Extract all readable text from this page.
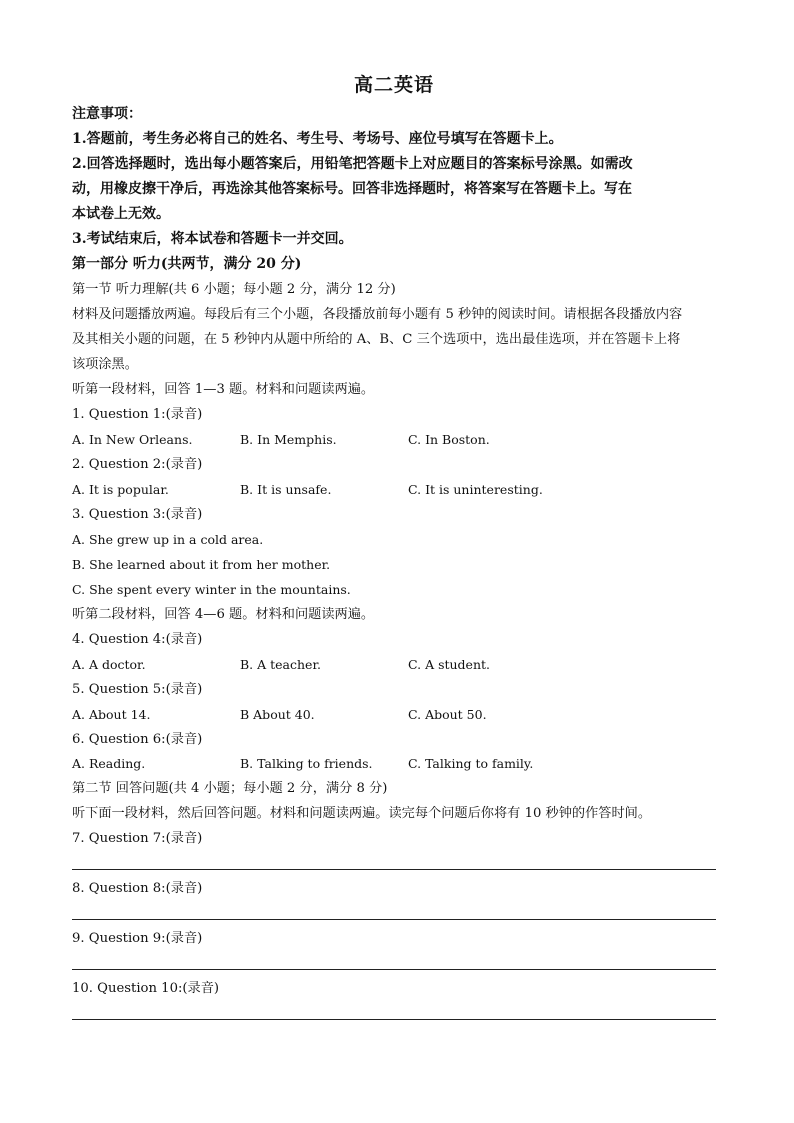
高二英语
注意事项：
1.答题前，考生务必将自己的姓名、考生号、考场号、座位号填写在答题卡上。
2.回答选择题时，选出每小题答案后，用铅笔把答题卡上对应题目的答案标号涂黑。如需改
动，用橡皮擦干净后，再选涂其他答案标号。回答非选择题时，将答案写在答题卡上。写在
本试卷上无效。
3.考试结束后，将本试卷和答题卡一并交回。
第一部分 听力(共两节，满分 20 分)
第一节 听力理解(共 6 小题；每小题 2 分，满分 12 分)
材料及问题播放两遍。每段后有三个小题，各段播放前每小题有 5 秒钟的阅读时间。请根据各段播放内容
及其相关小题的问题，在 5 秒钟内从题中所给的 A、B、C 三个选项中，选出最佳选项，并在答题卡上将
该项涂黑。
听第一段材料，回答 1—3 题。材料和问题读两遍。
1. Question 1:(录音)
A. In New Orleans.	B. In Memphis.	C. In Boston.
2. Question 2:(录音)
A. It is popular.	B. It is unsafe.	C. It is uninteresting.
3. Question 3:(录音)
A. She grew up in a cold area.
B. She learned about it from her mother.
C. She spent every winter in the mountains.
听第二段材料，回答 4—6 题。材料和问题读两遍。
4. Question 4:(录音)
A. A doctor.	B. A teacher.	C. A student.
5. Question 5:(录音)
A. About 14.	B About 40.	C. About 50.
6. Question 6:(录音)
A. Reading.	B. Talking to friends.	C. Talking to family.
第二节 回答问题(共 4 小题；每小题 2 分，满分 8 分)
听下面一段材料，然后回答问题。材料和问题读两遍。读完每个问题后你将有 10 秒钟的作答时间。
7. Question 7:(录音)
8. Question 8:(录音)
9. Question 9:(录音)
10. Question 10:(录音)
